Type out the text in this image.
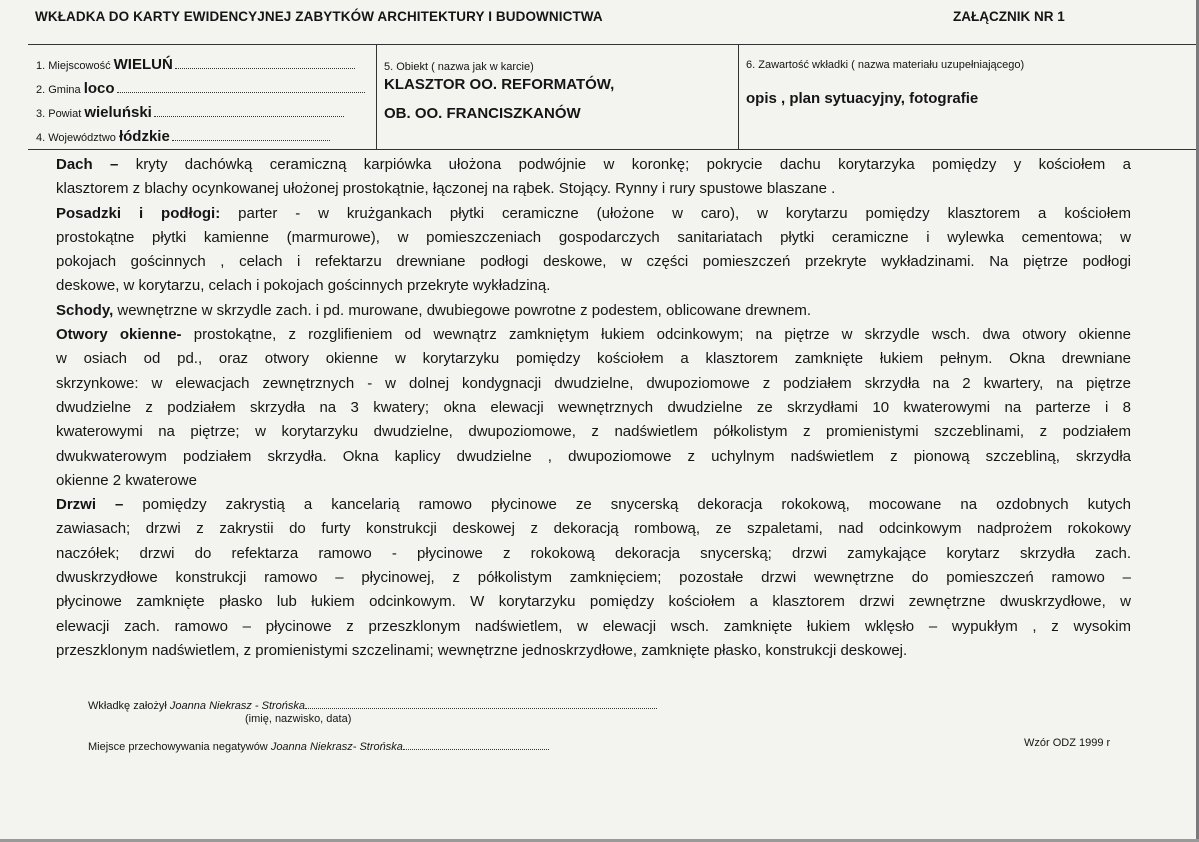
WKŁADKA DO KARTY EWIDENCYJNEJ ZABYTKÓW ARCHITEKTURY I BUDOWNICTWA	ZAŁĄCZNIK NR 1
1. Miejscowość WIELUŃ
2. Gmina loco
3. Powiat wieluński
4. Województwo łódzkie
5. Obiekt ( nazwa jak w karcie)
KLASZTOR OO. REFORMATÓW,
OB. OO. FRANCISZKANÓW
6. Zawartość wkładki ( nazwa materiału uzupełniającego)
opis , plan sytuacyjny, fotografie
Dach – kryty dachówką ceramiczną karpiówka ułożona podwójnie w koronkę; pokrycie dachu korytarzyka pomiędzy y kościołem a
klasztorem z blachy ocynkowanej ułożonej prostokątnie, łączonej na rąbek. Stojący. Rynny i rury spustowe blaszane .
Posadzki i podłogi: parter - w krużgankach płytki ceramiczne (ułożone w caro), w korytarzu pomiędzy klasztorem a kościołem
prostokątne płytki kamienne (marmurowe), w pomieszczeniach gospodarczych sanitariatach płytki ceramiczne i wylewka cementowa; w
pokojach gościnnych , celach i refektarzu drewniane podłogi deskowe, w części pomieszczeń przekryte wykładzinami. Na piętrze podłogi
deskowe, w korytarzu, celach i pokojach gościnnych przekryte wykładziną.
Schody, wewnętrzne w skrzydle zach. i pd. murowane, dwubiegowe powrotne z podestem, oblicowane drewnem.
Otwory okienne- prostokątne, z rozglifieniem od wewnątrz zamkniętym łukiem odcinkowym; na piętrze w skrzydle wsch. dwa otwory okienne
w osiach od pd., oraz otwory okienne w korytarzyku pomiędzy kościołem a klasztorem zamknięte łukiem pełnym. Okna drewniane
skrzynkowe: w elewacjach zewnętrznych - w dolnej kondygnacji dwudzielne, dwupoziomowe z podziałem skrzydła na 2 kwartery, na piętrze
dwudzielne z podziałem skrzydła na 3 kwatery; okna elewacji wewnętrznych dwudzielne ze skrzydłami 10 kwaterowymi na parterze i 8
kwaterowymi na piętrze; w korytarzyku dwudzielne, dwupoziomowe, z nadświetlem półkolistym z promienistymi szczeblinami, z podziałem
dwukwaterowym podziałem skrzydła. Okna kaplicy dwudzielne , dwupoziomowe z uchylnym nadświetlem z pionową szczebliną, skrzydła
okienne 2 kwaterowe
Drzwi – pomiędzy zakrystią a kancelarią ramowo płycinowe ze snycerską dekoracja rokokową, mocowane na ozdobnych kutych
zawiasach; drzwi z zakrystii do furty konstrukcji deskowej z dekoracją rombową, ze szpaletami, nad odcinkowym nadprożem rokokowy
naczółek; drzwi do refektarza ramowo - płycinowe z rokokową dekoracja snycerską; drzwi zamykające korytarz skrzydła zach.
dwuskrzydłowe konstrukcji ramowo – płycinowej, z półkolistym zamknięciem; pozostałe drzwi wewnętrzne do pomieszczeń ramowo –
płycinowe zamknięte płasko lub łukiem odcinkowym. W korytarzyku pomiędzy kościołem a klasztorem drzwi zewnętrzne dwuskrzydłowe, w
elewacji zach. ramowo – płycinowe z przeszklonym nadświetlem, w elewacji wsch. zamknięte łukiem wklęsło – wypukłym , z wysokim
przeszklonym nadświetlem, z promienistymi szczelinami; wewnętrzne jednoskrzydłowe, zamknięte płasko, konstrukcji deskowej.
Wkładkę założył Joanna Niekrasz - Strońska
(imię, nazwisko, data)
Miejsce przechowywania negatywów Joanna Niekrasz- Strońska	Wzór ODZ 1999 r
